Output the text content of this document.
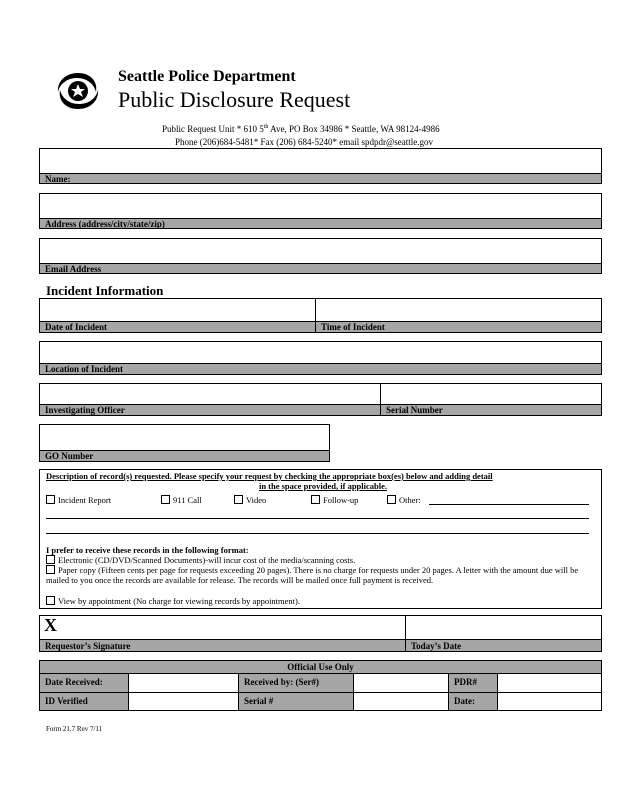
Seattle Police Department
Public Disclosure Request
Public Request Unit * 610 5th Ave, PO Box 34986 * Seattle, WA 98124-4986
Phone (206)684-5481* Fax (206) 684-5240* email spdpdr@seattle.gov
Name:
Address (address/city/state/zip)
Email Address
Incident Information
Date of Incident	Time of Incident
Location of Incident
Investigating Officer	Serial Number
GO Number
Description of record(s) requested. Please specify your request by checking the appropriate box(es) below and adding detail
in the space provided, if applicable.
Incident Report	911 Call	Video	Follow-up	Other:
I prefer to receive these records in the following format:
Electronic (CD/DVD/Scanned Documents)-will incur cost of the media/scanning costs.
Paper copy (Fifteen cents per page for requests exceeding 20 pages). There is no charge for requests under 20 pages. A letter with the amount due will be mailed to you once the records are available for release. The records will be mailed once full payment is received.
View by appointment (No charge for viewing records by appointment).
X
Requestor’s Signature	Today’s Date
Official Use Only
Date Received:	Received by: (Ser#)	PDR#
ID Verified	Serial #	Date:
Form 21.7 Rev 7/11
